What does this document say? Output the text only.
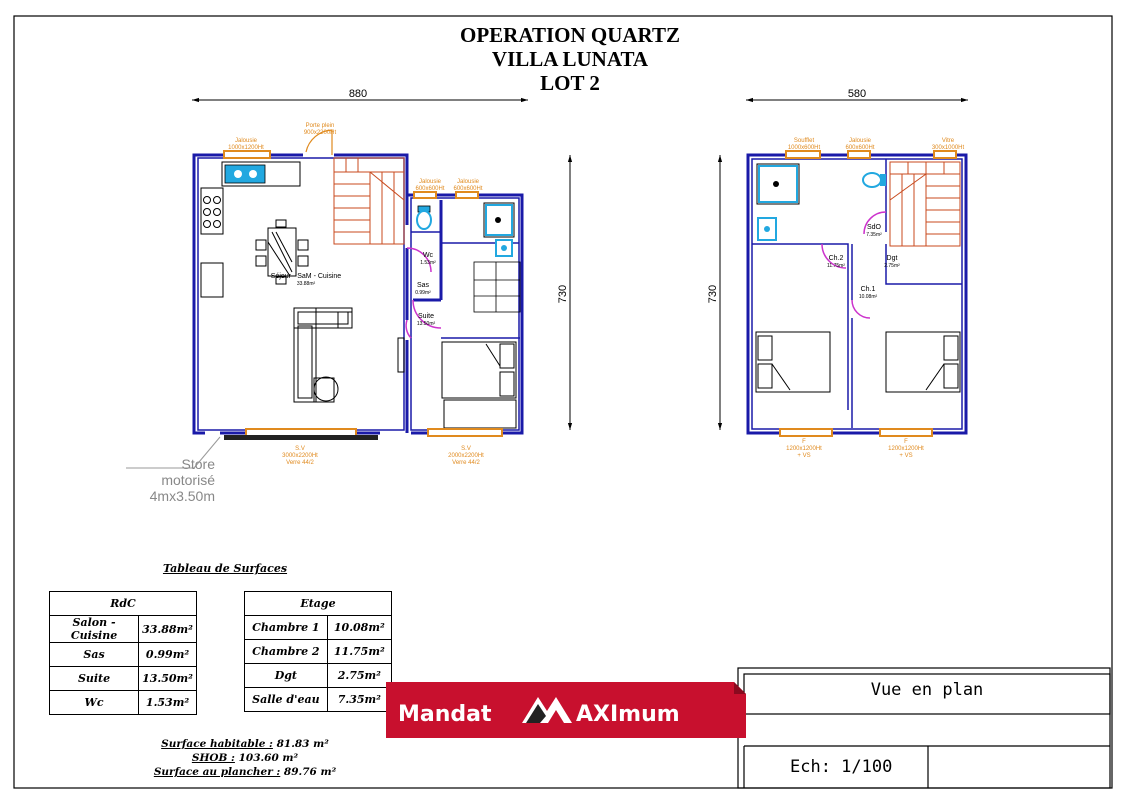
880
730
Jalousie
1000x1200Ht
Porte plein
900x2200Ht
Jalousie
600x600Ht
Jalousie
600x600Ht
S.V
3000x2200Ht
Verre 44/2
S.V
2000x2200Ht
Verre 44/2
Séjour - SaM - Cuisine
33.88m²
Wc
1.53m²
Sas
0.99m²
Suite
13.50m²
580
730
Soufflet
1000x600Ht
Jalousie
600x600Ht
Vitre
300x1000Ht
F
1200x1200Ht
+ VS
F
1200x1200Ht
+ VS
SdO
7.35m²
Ch.2
11.75m²
Dgt
2.75m²
Ch.1
10.08m²
OPERATION QUARTZ
VILLA LUNATA
LOT 2
Store
motorisé
4mx3.50m
Tableau de Surfaces
RdC	
Salon - Cuisine	33.88m²
Sas	0.99m²
Suite	13.50m²
Wc	1.53m²
Etage	
Chambre 1	10.08m²
Chambre 2	11.75m²
Dgt	2.75m²
Salle d'eau	7.35m²
Surface habitable : 81.83 m²
SHOB : 103.60 m²
Surface au plancher : 89.76 m²
Vue en plan
Ech: 1/100
Mandat	AXImum
